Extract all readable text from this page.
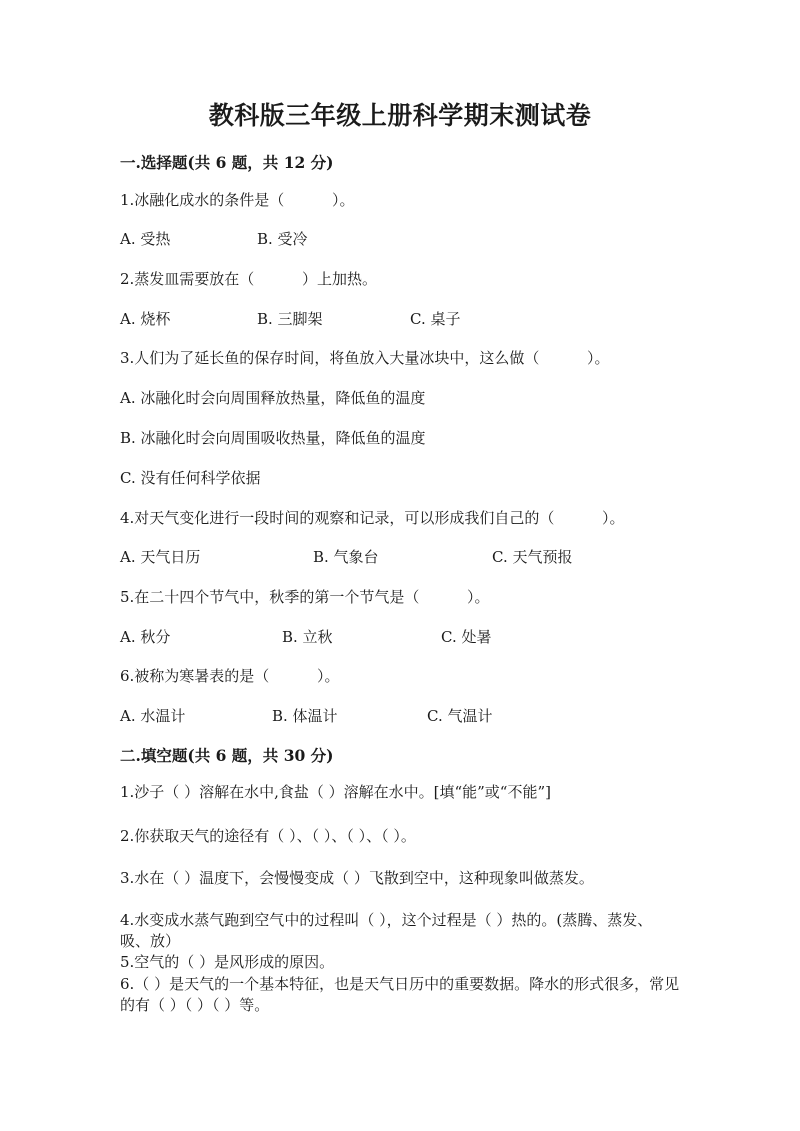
教科版三年级上册科学期末测试卷
一.选择题(共 6 题，共 12 分)
1.冰融化成水的条件是（          ）。
A. 受热	B. 受冷
2.蒸发皿需要放在（          ）上加热。
A. 烧杯	B. 三脚架	C. 桌子
3.人们为了延长鱼的保存时间，将鱼放入大量冰块中，这么做（          ）。
A. 冰融化时会向周围释放热量，降低鱼的温度
B. 冰融化时会向周围吸收热量，降低鱼的温度
C. 没有任何科学依据
4.对天气变化进行一段时间的观察和记录，可以形成我们自己的（          ）。
A. 天气日历	B. 气象台	C. 天气预报
5.在二十四个节气中，秋季的第一个节气是（          ）。
A. 秋分	B. 立秋	C. 处暑
6.被称为寒暑表的是（          ）。
A. 水温计	B. 体温计	C. 气温计
二.填空题(共 6 题，共 30 分)
1.沙子（ ）溶解在水中,食盐（ ）溶解在水中。[填“能”或“不能”]
2.你获取天气的途径有（ ）、（ ）、（ ）、（ ）。
3.水在（ ）温度下，会慢慢变成（ ）飞散到空中，这种现象叫做蒸发。
4.水变成水蒸气跑到空气中的过程叫（ ），这个过程是（ ）热的。(蒸腾、蒸发、吸、放）
5.空气的（ ）是风形成的原因。
6.（ ）是天气的一个基本特征，也是天气日历中的重要数据。降水的形式很多，常见的有（ ）（ ）（ ）等。
